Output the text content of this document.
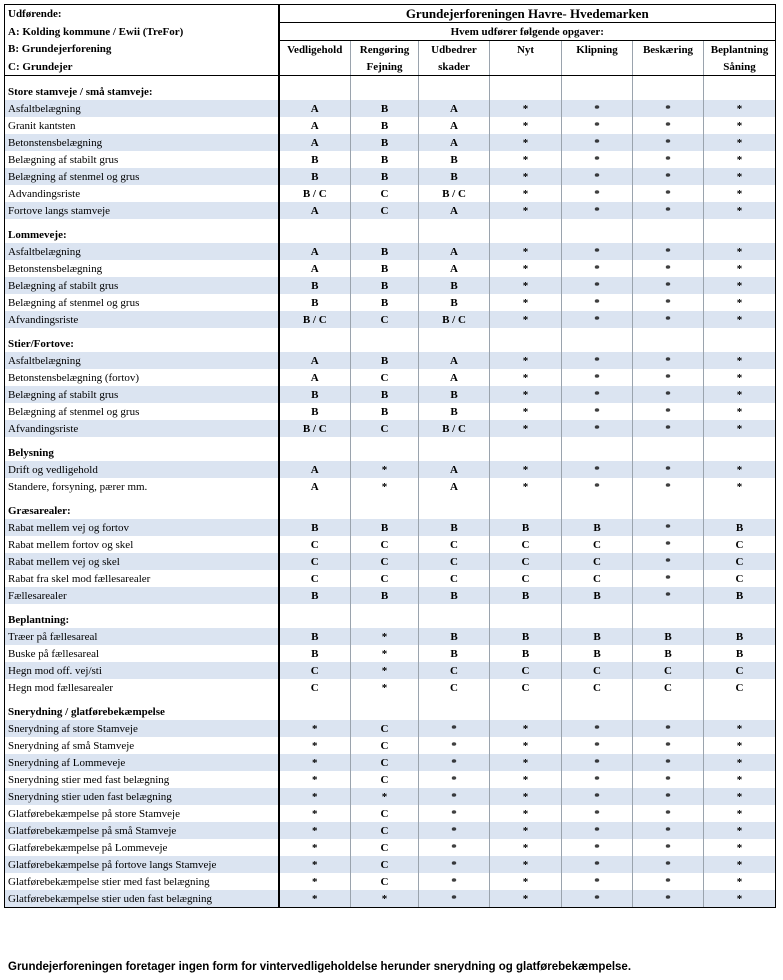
Udførende:	Grundejerforeningen Havre- Hvedemarken						
A: Kolding kommune / Ewii (TreFor)	Hvem udfører følgende opgaver:						
B: Grundejerforening	Vedligehold	Rengøring	Udbedrer	Nyt	Klipning	Beskæring	Beplantning
C: Grundejer		Fejning	skader				Såning

Store stamveje / små stamveje:							
Asfaltbelægning	A	B	A	*	*	*	*
Granit kantsten	A	B	A	*	*	*	*
Betonstensbelægning	A	B	A	*	*	*	*
Belægning af stabilt grus	B	B	B	*	*	*	*
Belægning af stenmel og grus	B	B	B	*	*	*	*
Advandingsriste	B / C	C	B / C	*	*	*	*
Fortove langs stamveje	A	C	A	*	*	*	*

Lommeveje:							
Asfaltbelægning	A	B	A	*	*	*	*
Betonstensbelægning	A	B	A	*	*	*	*
Belægning af stabilt grus	B	B	B	*	*	*	*
Belægning af stenmel og grus	B	B	B	*	*	*	*
Afvandingsriste	B / C	C	B / C	*	*	*	*

Stier/Fortove:							
Asfaltbelægning	A	B	A	*	*	*	*
Betonstensbelægning (fortov)	A	C	A	*	*	*	*
Belægning af stabilt grus	B	B	B	*	*	*	*
Belægning af stenmel og grus	B	B	B	*	*	*	*
Afvandingsriste	B / C	C	B / C	*	*	*	*

Belysning							
Drift og vedligehold	A	*	A	*	*	*	*
Standere, forsyning, pærer mm.	A	*	A	*	*	*	*

Græsarealer:							
Rabat mellem vej og fortov	B	B	B	B	B	*	B
Rabat mellem fortov og skel	C	C	C	C	C	*	C
Rabat mellem vej og skel	C	C	C	C	C	*	C
Rabat fra skel mod fællesarealer	C	C	C	C	C	*	C
Fællesarealer	B	B	B	B	B	*	B

Beplantning:							
Træer på fællesareal	B	*	B	B	B	B	B
Buske på fællesareal	B	*	B	B	B	B	B
Hegn mod off. vej/sti	C	*	C	C	C	C	C
Hegn mod fællesarealer	C	*	C	C	C	C	C

Snerydning / glatførebekæmpelse							
Snerydning af store Stamveje	*	C	*	*	*	*	*
Snerydning af små Stamveje	*	C	*	*	*	*	*
Snerydning af Lommeveje	*	C	*	*	*	*	*
Snerydning stier med fast belægning	*	C	*	*	*	*	*
Snerydning stier uden fast belægning	*	*	*	*	*	*	*
Glatførebekæmpelse på store Stamveje	*	C	*	*	*	*	*
Glatførebekæmpelse på små Stamveje	*	C	*	*	*	*	*
Glatførebekæmpelse på Lommeveje	*	C	*	*	*	*	*
Glatførebekæmpelse på fortove langs Stamveje	*	C	*	*	*	*	*
Glatførebekæmpelse stier med fast belægning	*	C	*	*	*	*	*
Glatførebekæmpelse stier uden fast belægning	*	*	*	*	*	*	*
Grundejerforeningen foretager ingen form for vintervedligeholdelse herunder snerydning og glatførebekæmpelse.
